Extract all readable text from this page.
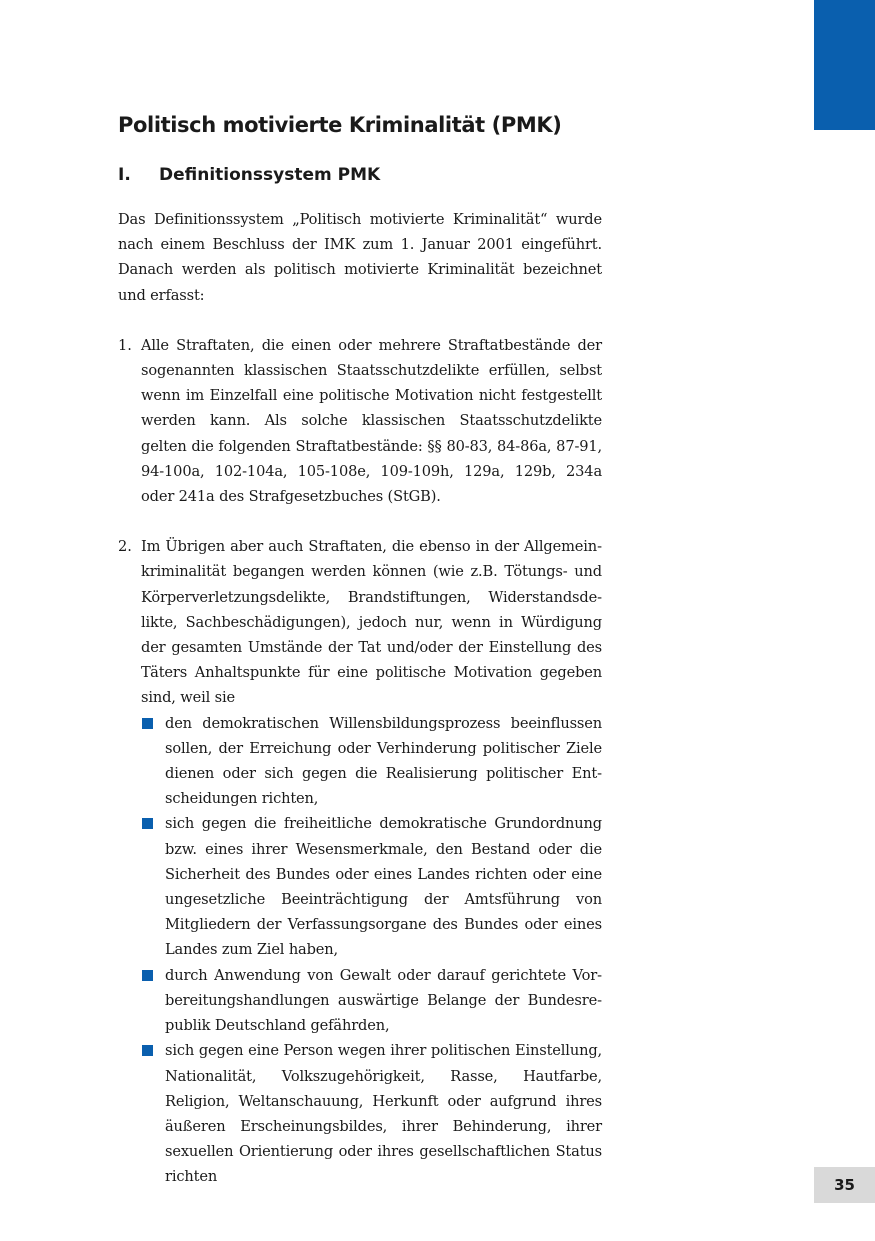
Politisch motivierte Kriminalität (PMK)
I.	Definitionssystem PMK

Das Definitionssystem „Politisch motivierte Kriminalität“ wurde nach einem Beschluss der IMK zum 1. Januar 2001 eingeführt. Danach werden als politisch motivierte Kriminalität bezeichnet und erfasst:

1. Alle Straftaten, die einen oder mehrere Straftatbestände der sogenannten klassischen Staatsschutzdelikte erfüllen, selbst wenn im Einzelfall eine politische Motivation nicht festgestellt werden kann. Als solche klassischen Staatsschutzdelikte gelten die folgenden Straftatbestände: §§ 80-83, 84-86a, 87-91, 94-100a, 102-104a, 105-108e, 109-109h, 129a, 129b, 234a oder 241a des Strafgesetzbuches (StGB).

2. Im Übrigen aber auch Straftaten, die ebenso in der Allgemeinkriminalität begangen werden können (wie z.B. Tötungs- und Körperverletzungsdelikte, Brandstiftungen, Widerstandsdelikte, Sachbeschädigungen), jedoch nur, wenn in Würdigung der gesamten Umstände der Tat und/oder der Einstellung des Täters Anhaltspunkte für eine politische Motivation gegeben sind, weil sie

den demokratischen Willensbildungsprozess beeinflussen sollen, der Erreichung oder Verhinderung politischer Ziele dienen oder sich gegen die Realisierung politischer Entscheidungen richten,

sich gegen die freiheitliche demokratische Grundordnung bzw. eines ihrer Wesensmerkmale, den Bestand oder die Sicherheit des Bundes oder eines Landes richten oder eine ungesetzliche Beeinträchtigung der Amtsführung von Mitgliedern der Verfassungsorgane des Bundes oder eines Landes zum Ziel haben,

durch Anwendung von Gewalt oder darauf gerichtete Vorbereitungshandlungen auswärtige Belange der Bundesrepublik Deutschland gefährden,

sich gegen eine Person wegen ihrer politischen Einstellung, Nationalität, Volkszugehörigkeit, Rasse, Hautfarbe, Religion, Weltanschauung, Herkunft oder aufgrund ihres äußeren Erscheinungsbildes, ihrer Behinderung, ihrer sexuellen Orientierung oder ihres gesellschaftlichen Status richten	35
